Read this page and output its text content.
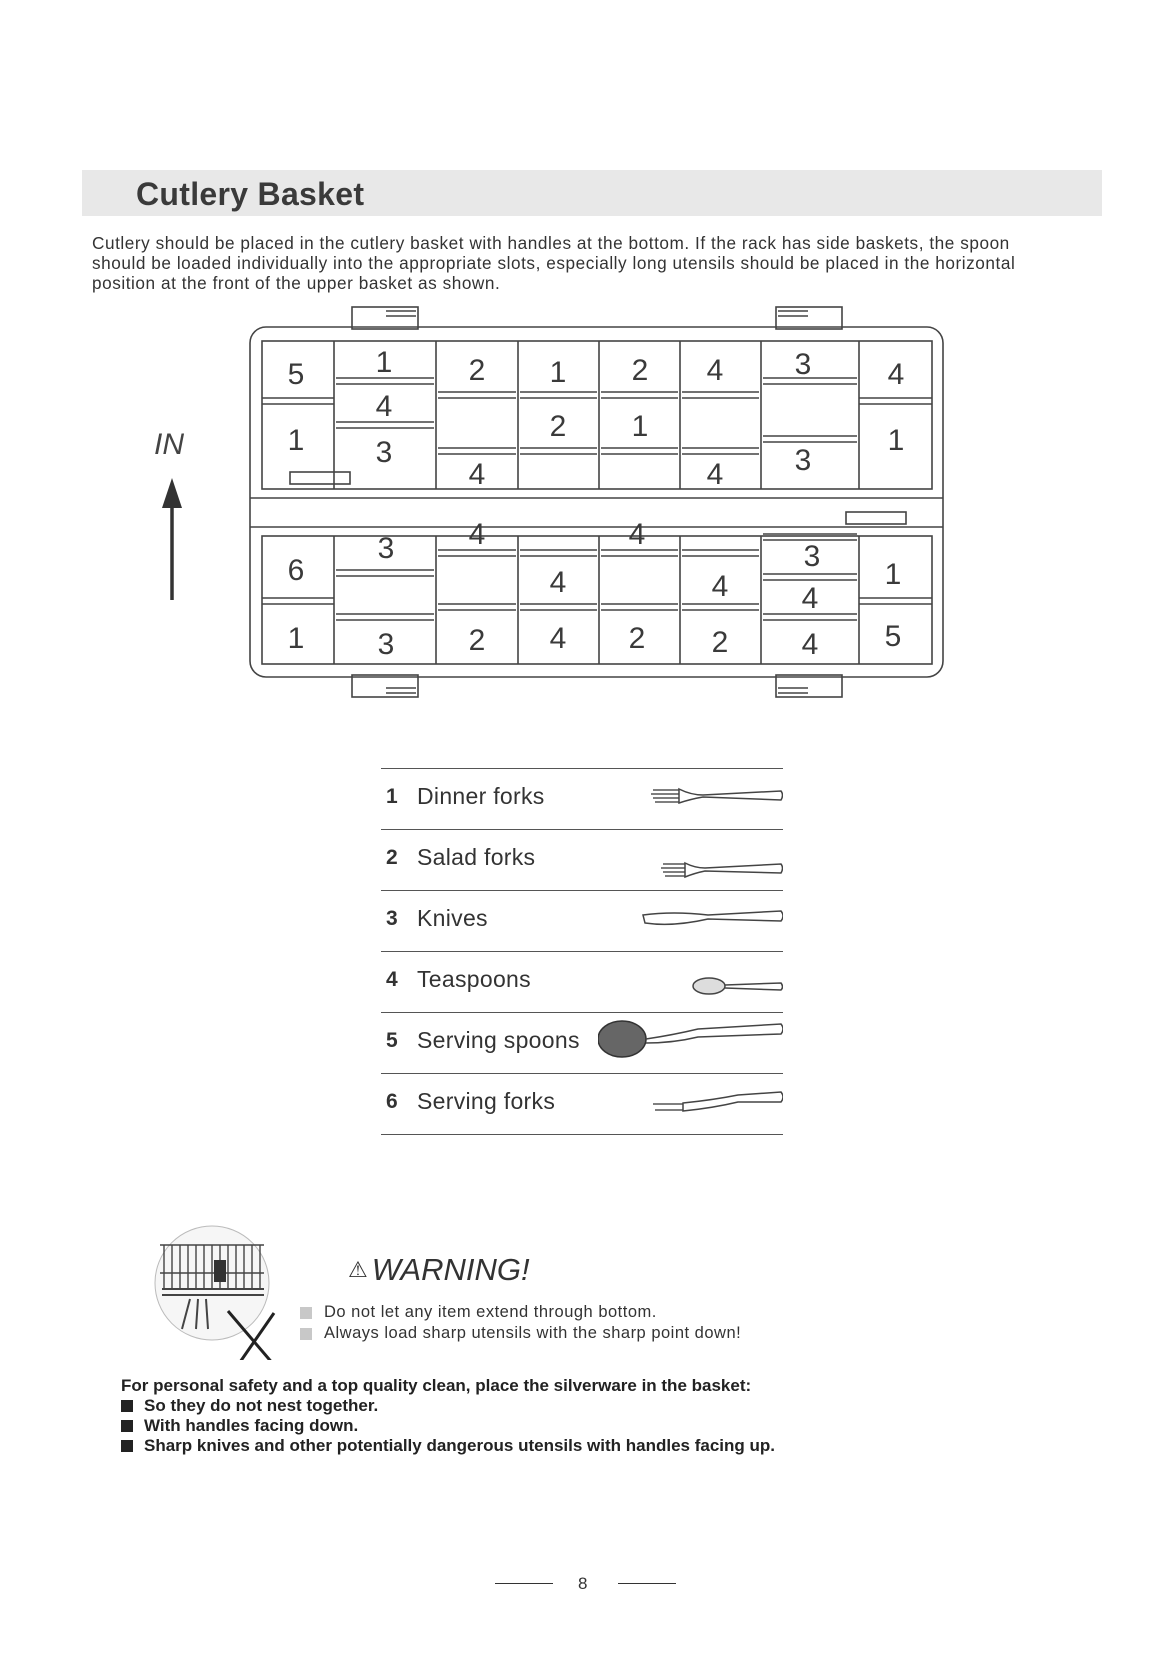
Cutlery Basket

Cutlery should be placed in the cutlery basket with handles at the bottom. If the rack has side baskets, the spoon

should be loaded individually into the appropriate slots, especially long utensils should be placed in the horizontal

position at the front of the upper basket as shown.

5
1
1
4
3
2
4
1
2
2
1
4
4
3
3
4
1
6
1
3
3
4
2
4
4
4
2
4
2
3
4
4
1
5
IN
1 Dinner forks
2 Salad forks
3 Knives
4 Teaspoons
5 Serving spoons
6 Serving forks
⚠ WARNING!
Do not let any item extend through bottom.
Always load sharp utensils with the sharp point down!
For personal safety and a top quality clean, place the silverware in the basket:
So they do not nest together.
With handles facing down.
Sharp knives and other potentially dangerous utensils with handles facing up.
8
